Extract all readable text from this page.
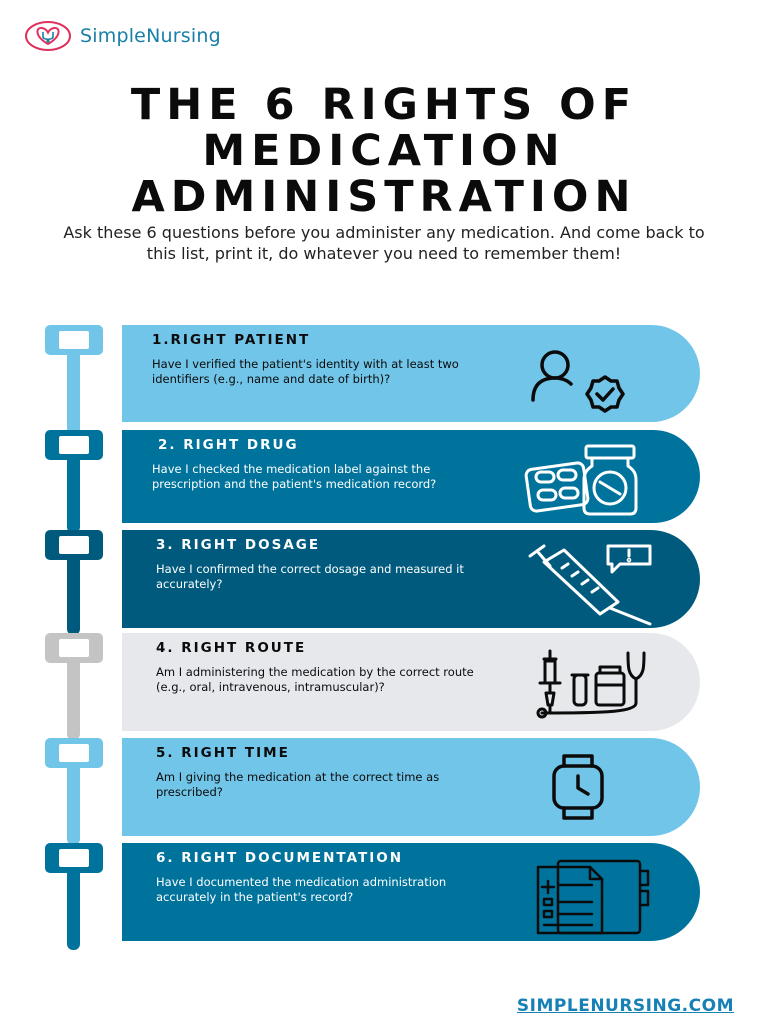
SimpleNursing
THE 6 RIGHTS OF
MEDICATION
ADMINISTRATION

Ask these 6 questions before you administer any medication. And come back to this list, print it, do whatever you need to remember them!

1.RIGHT PATIENT

Have I verified the patient's identity with at least two identifiers (e.g., name and date of birth)?

2. RIGHT DRUG

Have I checked the medication label against the prescription and the patient's medication record?

3. RIGHT DOSAGE

Have I confirmed the correct dosage and measured it accurately?

4. RIGHT ROUTE

Am I administering the medication by the correct route (e.g., oral, intravenous, intramuscular)?

5. RIGHT TIME

Am I giving the medication at the correct time as prescribed?

6. RIGHT DOCUMENTATION

Have I documented the medication administration accurately in the patient's record?

SIMPLENURSING.COM
